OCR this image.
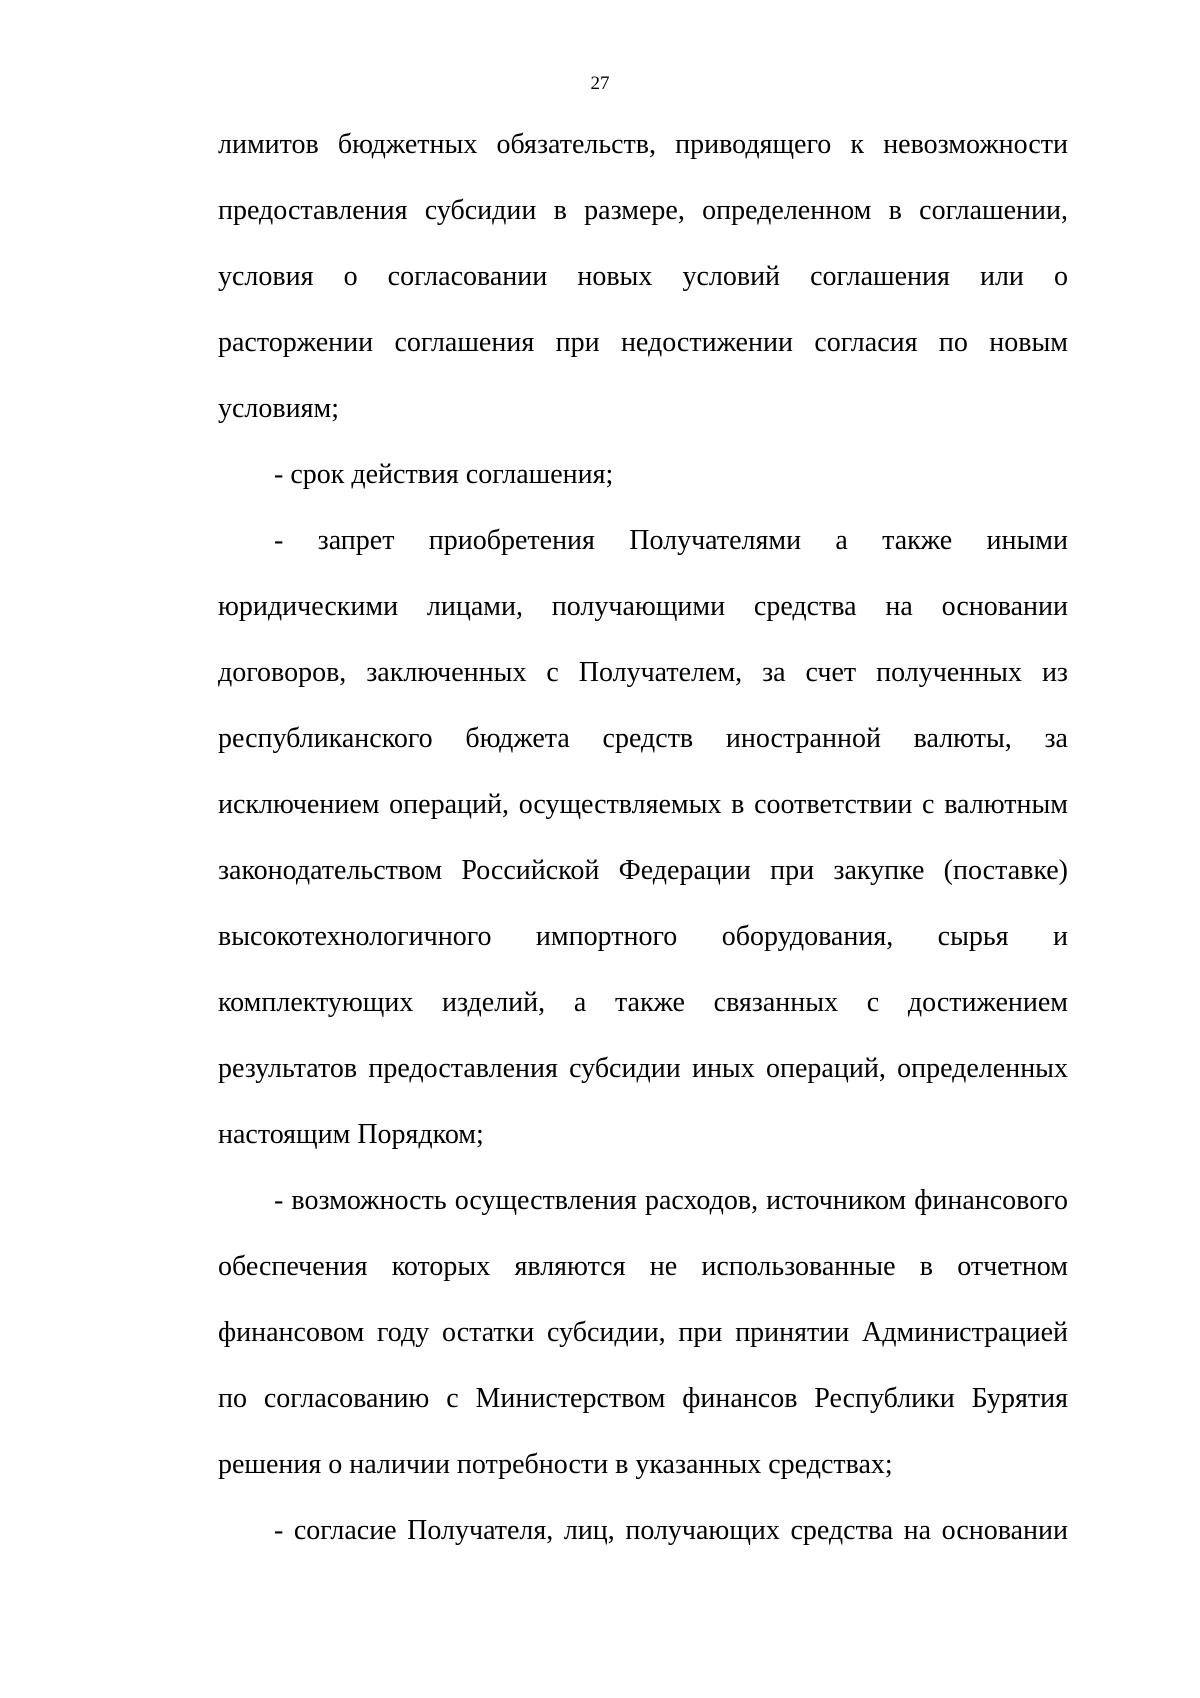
27

лимитов бюджетных обязательств, приводящего к невозможности предоставления субсидии в размере, определенном в соглашении, условия о согласовании новых условий соглашения или о расторжении соглашения при недостижении согласия по новым условиям;

- срок действия соглашения;

- запрет приобретения Получателями а также иными юридическими лицами, получающими средства на основании договоров, заключенных с Получателем, за счет полученных из республиканского бюджета средств иностранной валюты, за исключением операций, осуществляемых в соответствии с валютным законодательством Российской Федерации при закупке (поставке) высокотехнологичного импортного оборудования, сырья и комплектующих изделий, а также связанных с достижением результатов предоставления субсидии иных операций, определенных настоящим Порядком;

- возможность осуществления расходов, источником финансового обеспечения которых являются не использованные в отчетном финансовом году остатки субсидии, при принятии Администрацией по согласованию с Министерством финансов Республики Бурятия решения о наличии потребности в указанных средствах;

- согласие Получателя, лиц, получающих средства на основании
